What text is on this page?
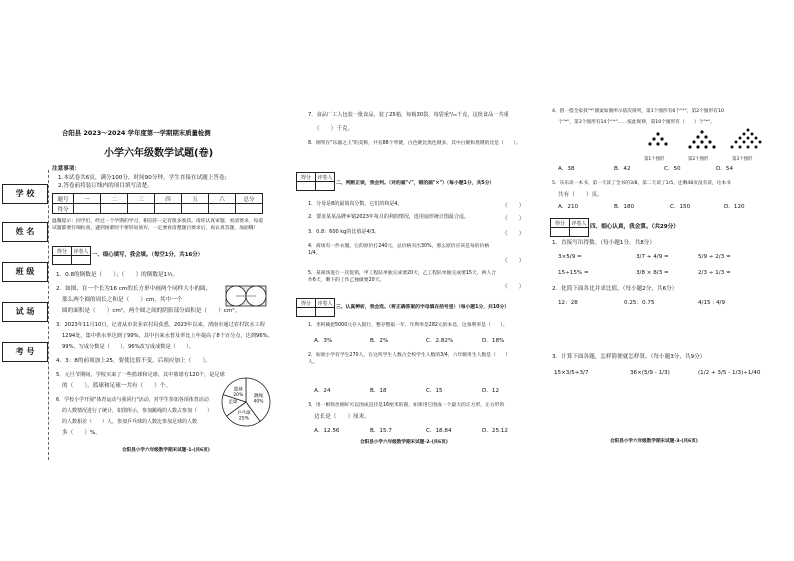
合阳县 2023～2024 学年度第一学期期末质量检测
小学六年级数学试题(卷)
注意事项：
1.本试卷共6页，满分100分，时间90分钟，学生直接在试题上答卷；
2.答卷前将装订线内的项目填写清楚。
题号	一	二	三	四	五	六	总分
得分							
温馨提示：同学们，经过一个学期的学习，相信你一定有很多收获。请你认真审题，看清要求，每道试题都要仔细检查，遇到困难时不要轻易放弃，一定要看清楚题目要求后，再认真答题，加油哦！
学 校
姓 名
班 级
试 场
考 号
得分	评卷人

一、细心填写，我会填。（每空1分，共16分）
1．0.8的倒数是（　　）；（　　）的倒数是1½。
2．如图，在一个长为16 cm的长方形中画两个同样大小的圆，
那么两个圆的周长之和是（　　）cm，其中一个
圆的面积是（　　）cm²，两个圆之间的阴影部分面积是（　　）cm²。
3．2023年11月10日，记者从市农业农村局获悉，2023年以来，渭南市通过农村饮水工程
1294处，集中供水率达到了99%，其中自来水普及率比上年提高了8个百分点，达到96%。
99%，写成分数是（　　），96%改写成成数是（　　）。
4．3：8的前项加上25，要使比值不变，后项应加上（　　）。
5．元旦节期间，学校买来了一些篮球和足球，其中篮球有120个，是足球
的（　　），篮球和足球一共有（　　）个。
6．学校小学开展"体育运动与我同行"活动，对学生参加各项体育活动
的人数情况进行了统计，如图所示，参加跳绳的人数占参加（　　）
的人数相差（　　）人，参加乒乓球的人数比参加足球的人数
多（　　）%。
跳绳
40%
乒乓球
25%
足球
篮球
20%
合阳县小学六年级数学期末试题-1-(共6页)
7．食品厂工人包装一批食品，装了25箱，每箱30袋，每袋重⁴/₁₅千克，这批食品一共重
（　　）千克。
8．钢琴在"乐器之王"的美称，共有88个琴键，白色键比黑色键多，其中白键和黑键的比是（　　）。
得分	评卷人

二、判断正误，我会判。（对的画"√"，错的画"×"）（每小题1分，共5分）
1．分母是8的最简真分数，它们的和是4。	（　　）
2．要求某某品牌乡镇2023年每月的利润情况，选用扇形统计图最合适。	（　　）
3．0.8：600 kg的比值是4/3。	（　　）
4．商场有一件衣服，它的原价打240元，总价格卖出30%，那么原价应该是每的价格1/4。
（　　）
5．某商场进行一次促销，甲工程队单独完成要20天，乙工程队单独完成要15天，两人合作6天，剩下的工作乙独做要20天。
（　　）
得分	评卷人

三、认真辨析，我会选。（将正确答案的字母填在括号里）（每小题1分，共10分）
1．李阿姨把5000元存入银行，整存整取一年，年利率是282元的本息，这条利率是（　　）。
A．3%	B．2%	C．2.82%	D．18%
2．如果小学有学生270人，在这所学生人数占全校学生人数的3/4，六年级男生人数是（　　）人。
A．24	B．18	C．15	D．12
3．用一根铁丝刚好可以围成直径是16厘米的圆，如果用它围成一个最大的正方形，正方形的
边长是（　　）厘米。
A．12.56	B．15.7	C．18.84	D．25.12
合阳县小学六年级数学期末试题-2-(共6页)
4．搭一搭全家找"*"图案如图所示依次排列，第1个图形有6个"*"，第2个图形有10
个"*"，第3个图形有14个"*"……按此规律，第10个图形有（　　）个"*"。
第1个图形	第2个图形	第3个图形
A．38	B．42	C．50	D．54
5．乐乐读一本书，第一天读了全书的3/8，第二天读了1/5，还剩48页没有读，这本书
共有（　　）页。
A．210	B．180	C．150	D．120
得分	评卷人

四、细心认真，我会算。（共29分）
1．直接写出得数。（每小题1分，共8分）
3×5/9 =	3/7 + 4/9 =	5/9 ÷ 2/3 =
15÷15% =	3/8 × 8/3 =	2/3 ÷ 1/3 =
2．化简下面各比并求比值。（每小题2分，共6分）
12：28	0.25：0.75	4/15 : 4/9
3．计算下面各题，怎样简便就怎样算。（每小题3分，共9分）
15×3/5+3/7	36×(5/9 - 1/3)	(1/2 + 3/5 - 1/3)÷1/40
合阳县小学六年级数学期末试题-3-(共6页)
